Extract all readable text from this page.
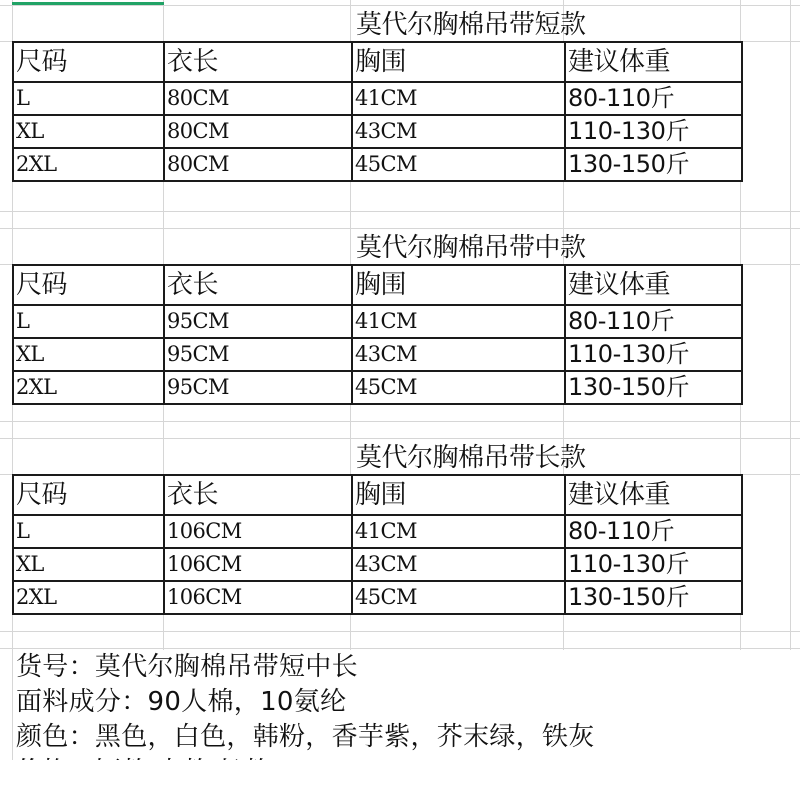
莫代尔胸棉吊带短款
尺码	衣长	胸围	建议体重
L	80CM	41CM	80-110斤
XL	80CM	43CM	110-130斤
2XL	80CM	45CM	130-150斤
莫代尔胸棉吊带中款
尺码	衣长	胸围	建议体重
L	95CM	41CM	80-110斤
XL	95CM	43CM	110-130斤
2XL	95CM	45CM	130-150斤
莫代尔胸棉吊带长款
尺码	衣长	胸围	建议体重
L	106CM	41CM	80-110斤
XL	106CM	43CM	110-130斤
2XL	106CM	45CM	130-150斤
货号：莫代尔胸棉吊带短中长
面料成分：90人棉，10氨纶
颜色：黑色，白色，韩粉，香芋紫，芥末绿，铁灰
